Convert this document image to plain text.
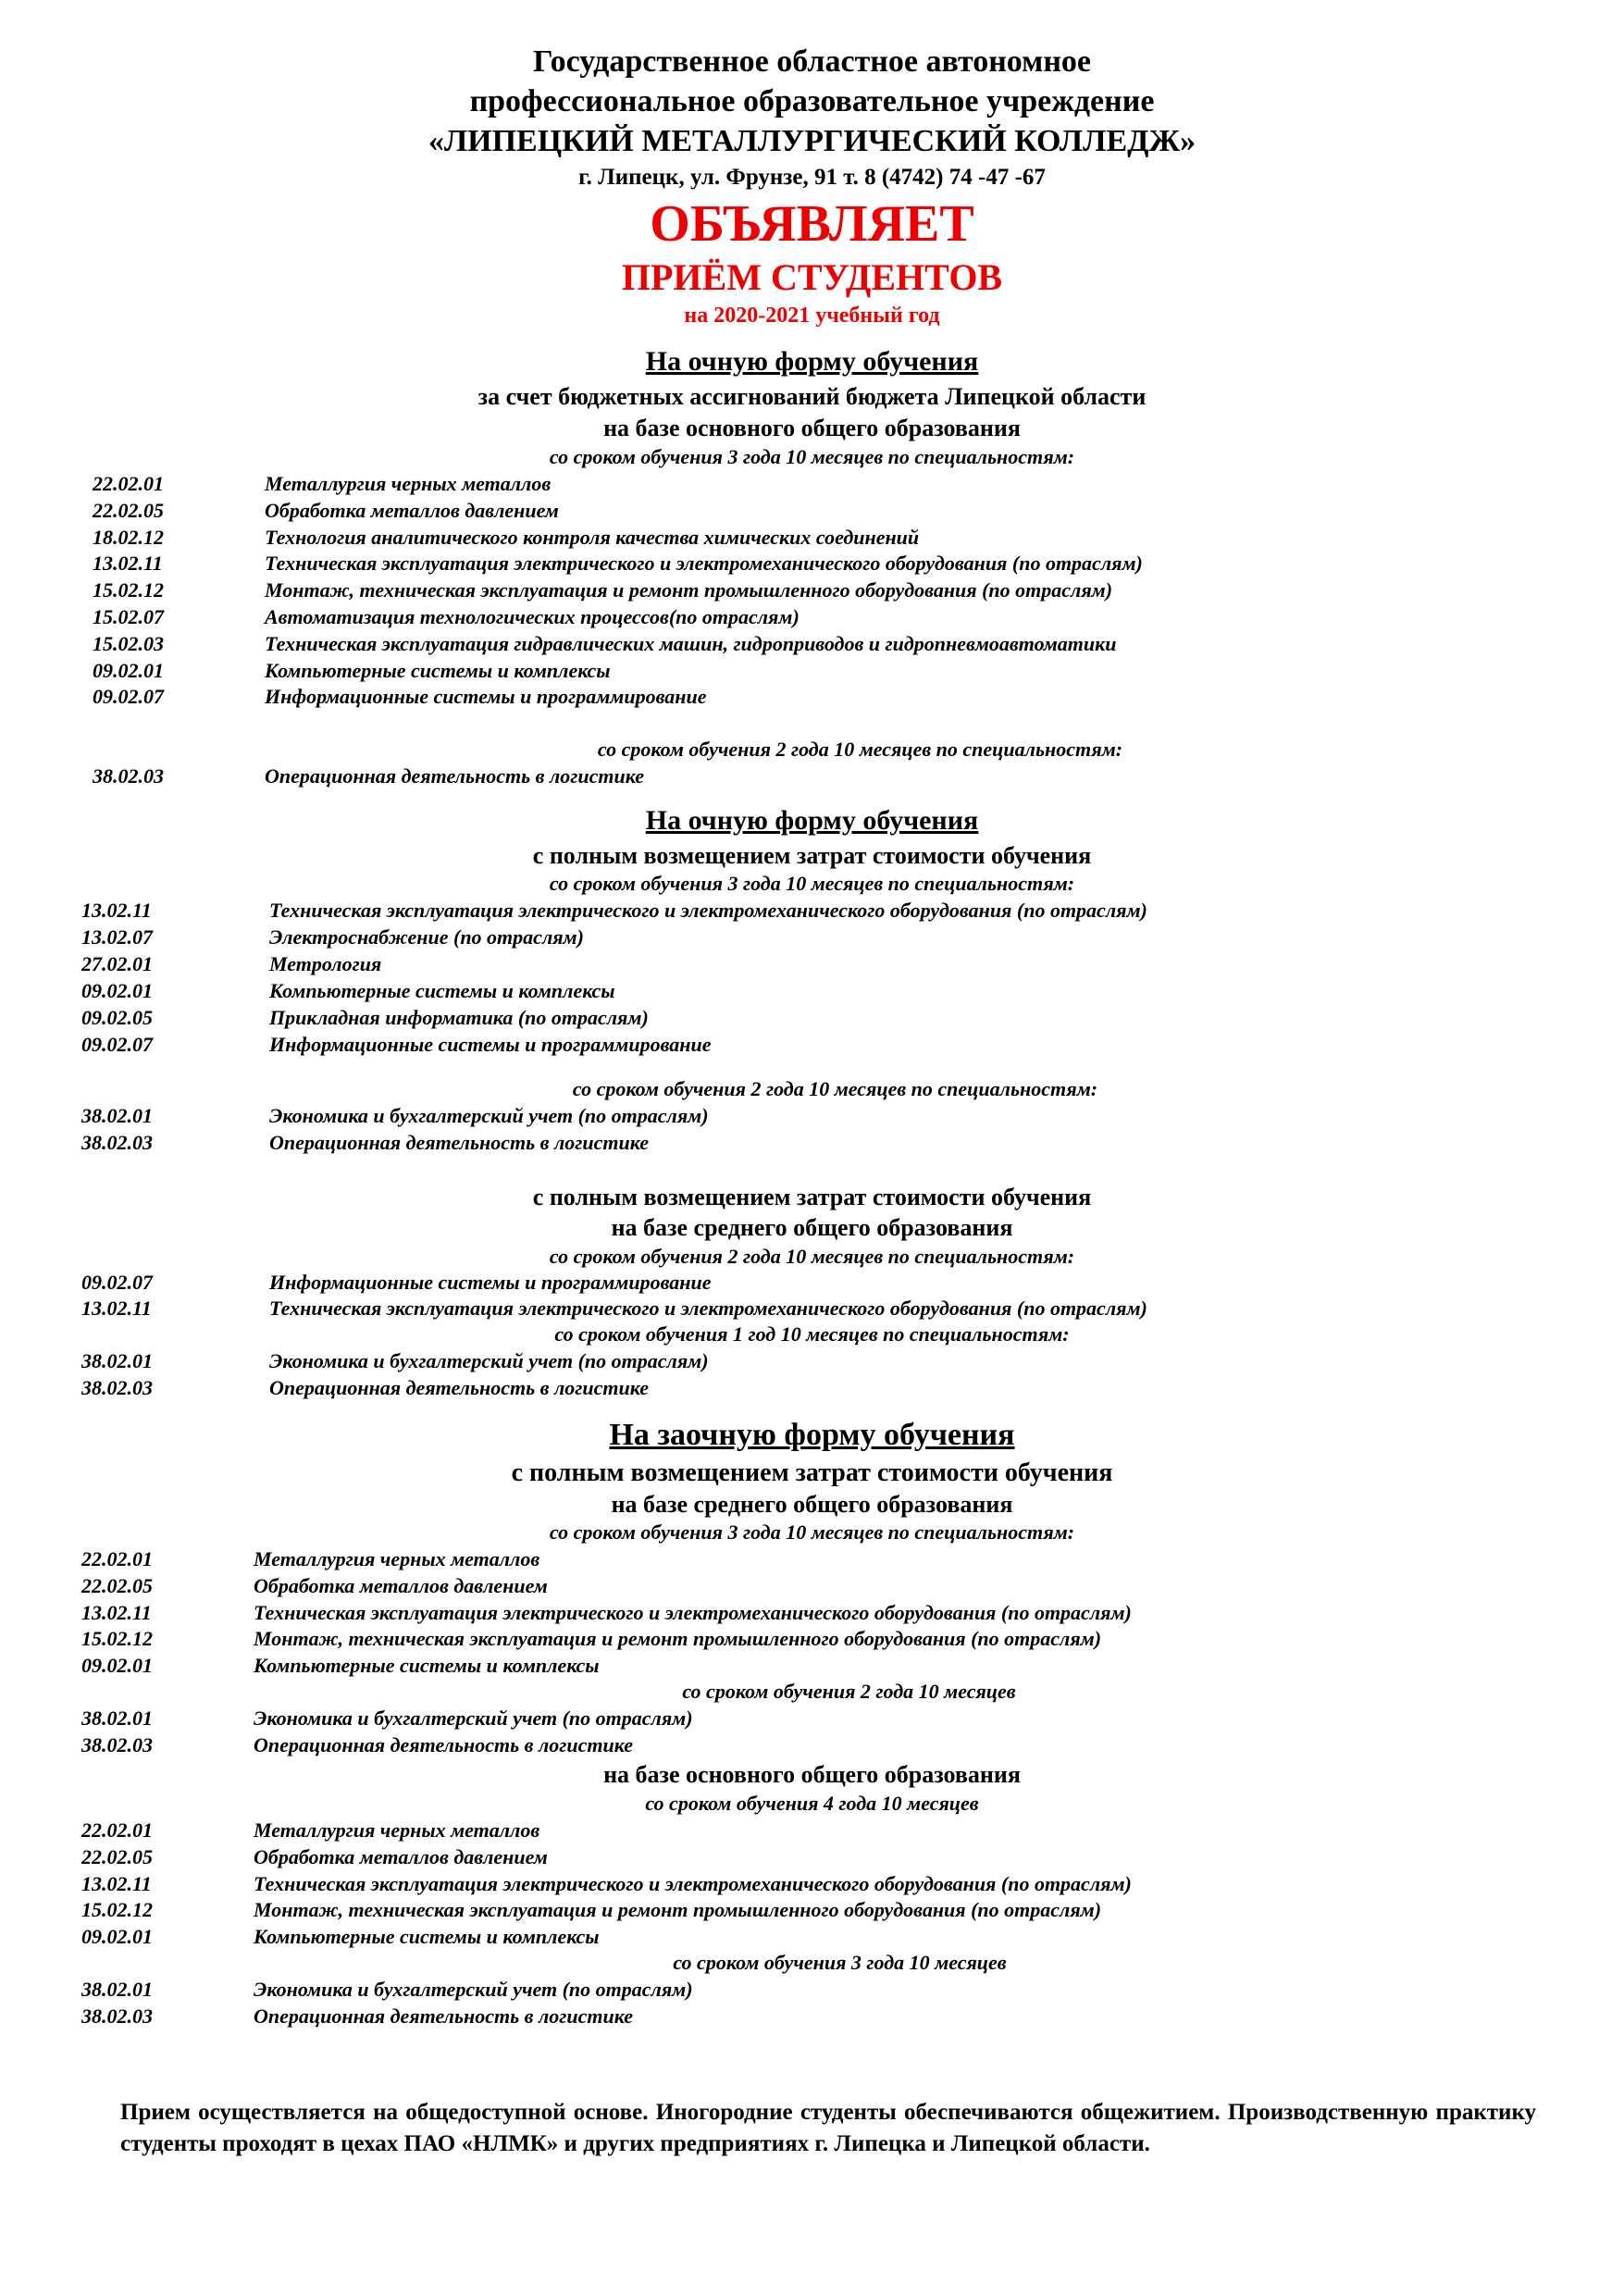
Государственное областное автономное
профессиональное образовательное учреждение
«ЛИПЕЦКИЙ МЕТАЛЛУРГИЧЕСКИЙ КОЛЛЕДЖ»
г. Липецк, ул. Фрунзе, 91 т. 8 (4742) 74 -47 -67
ОБЪЯВЛЯЕТ
ПРИЁМ СТУДЕНТОВ
на 2020-2021 учебный год
На очную форму обучения
за счет бюджетных ассигнований бюджета Липецкой области
на базе основного общего образования
со сроком обучения 3 года 10 месяцев по специальностям:
22.02.01	Металлургия черных металлов
22.02.05	Обработка металлов давлением
18.02.12	Технология аналитического контроля качества химических соединений
13.02.11	Техническая эксплуатация электрического и электромеханического оборудования (по отраслям)
15.02.12	Монтаж, техническая эксплуатация и ремонт промышленного оборудования (по отраслям)
15.02.07	Автоматизация технологических процессов(по отраслям)
15.02.03	Техническая эксплуатация гидравлических машин, гидроприводов и гидропневмоавтоматики
09.02.01	Компьютерные системы и комплексы
09.02.07	Информационные системы и программирование
со сроком обучения 2 года 10 месяцев по специальностям:
38.02.03	Операционная деятельность в логистике
На очную форму обучения
с полным возмещением затрат стоимости обучения
со сроком обучения 3 года 10 месяцев по специальностям:
13.02.11	Техническая эксплуатация электрического и электромеханического оборудования (по отраслям)
13.02.07	Электроснабжение (по отраслям)
27.02.01	Метрология
09.02.01	Компьютерные системы и комплексы
09.02.05	Прикладная информатика (по отраслям)
09.02.07	Информационные системы и программирование
со сроком обучения 2 года 10 месяцев по специальностям:
38.02.01	Экономика и бухгалтерский учет (по отраслям)
38.02.03	Операционная деятельность в логистике
с полным возмещением затрат стоимости обучения
на базе среднего общего образования
со сроком обучения 2 года 10 месяцев по специальностям:
09.02.07	Информационные системы и программирование
13.02.11	Техническая эксплуатация электрического и электромеханического оборудования (по отраслям)
со сроком обучения 1 год 10 месяцев по специальностям:
38.02.01	Экономика и бухгалтерский учет (по отраслям)
38.02.03	Операционная деятельность в логистике
На заочную форму обучения
с полным возмещением затрат стоимости обучения
на базе среднего общего образования
со сроком обучения 3 года 10 месяцев по специальностям:
22.02.01	Металлургия черных металлов
22.02.05	Обработка металлов давлением
13.02.11	Техническая эксплуатация электрического и электромеханического оборудования (по отраслям)
15.02.12	Монтаж, техническая эксплуатация и ремонт промышленного оборудования (по отраслям)
09.02.01	Компьютерные системы и комплексы
со сроком обучения 2 года 10 месяцев
38.02.01	Экономика и бухгалтерский учет (по отраслям)
38.02.03	Операционная деятельность в логистике
на базе основного общего образования
со сроком обучения 4 года 10 месяцев
22.02.01	Металлургия черных металлов
22.02.05	Обработка металлов давлением
13.02.11	Техническая эксплуатация электрического и электромеханического оборудования (по отраслям)
15.02.12	Монтаж, техническая эксплуатация и ремонт промышленного оборудования (по отраслям)
09.02.01	Компьютерные системы и комплексы
со сроком обучения 3 года 10 месяцев
38.02.01	Экономика и бухгалтерский учет (по отраслям)
38.02.03	Операционная деятельность в логистике
Прием осуществляется на общедоступной основе. Иногородние студенты обеспечиваются общежитием. Производственную практику студенты проходят в цехах ПАО «НЛМК» и других предприятиях г. Липецка и Липецкой области.
